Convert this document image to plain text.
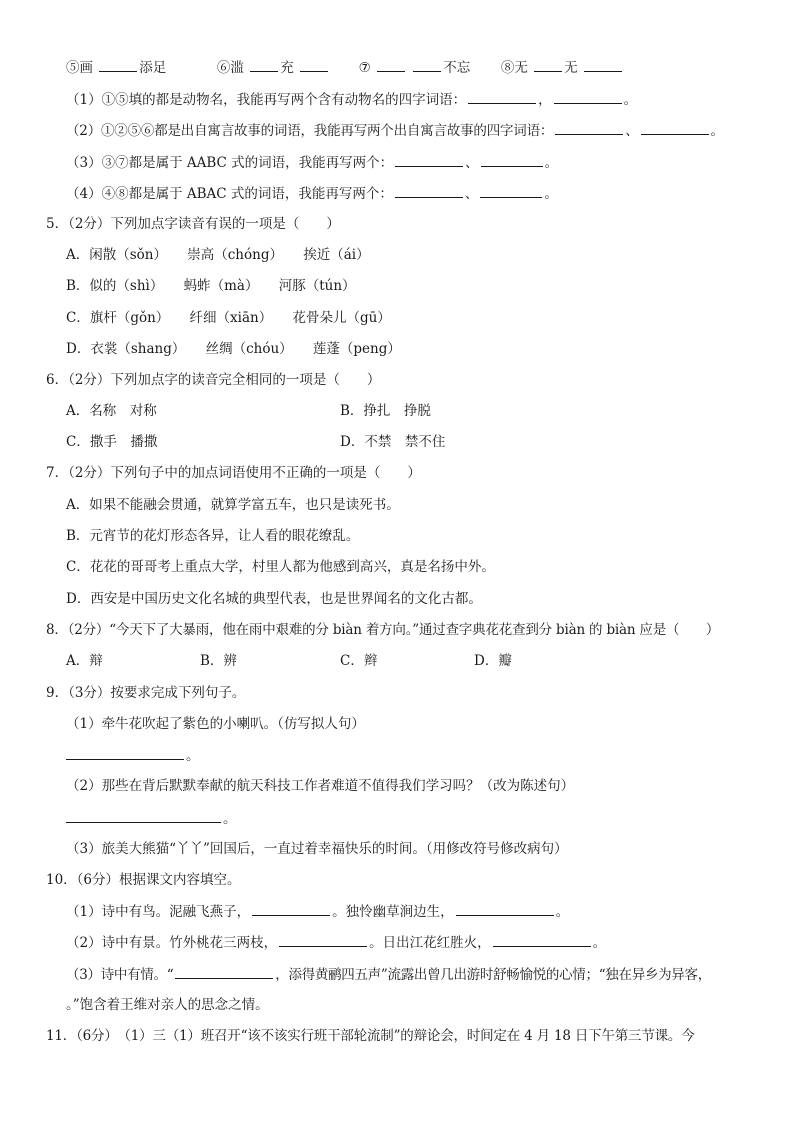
⑤画	添足	⑥滥	充	⑦	不忘 ⑧无	无
（1）①⑤填的都是动物名，我能再写两个含有动物名的四字词语：	，	。
（2）①②⑤⑥都是出自寓言故事的词语，我能再写两个出自寓言故事的四字词语：	、	。
（3）③⑦都是属于 AABC 式的词语，我能再写两个：	、	。
（4）④⑧都是属于 ABAC 式的词语，我能再写两个：	、	。
5．（2分）下列加点字读音有误的一项是（　　）
A．闲散（sǒn）　　崇高（chóng）　　挨近（ái）
B．似的（shì）　　蚂蚱（mà）　　河豚（tún）
C．旗杆（gǒn）　　纤细（xiān）　　花骨朵儿（gū）
D．衣裳（shang）　　丝绸（chóu）　　莲蓬（peng）
6．（2分）下列加点字的读音完全相同的一项是（　　）
A．名称　对称	B．挣扎　挣脱
C．撒手　播撒	D．不禁　禁不住
7．（2分）下列句子中的加点词语使用不正确的一项是（　　）
A．如果不能融会贯通，就算学富五车，也只是读死书。
B．元宵节的花灯形态各异，让人看的眼花缭乱。
C．花花的哥哥考上重点大学，村里人都为他感到高兴，真是名扬中外。
D．西安是中国历史文化名城的典型代表，也是世界闻名的文化古都。
8．（2分）“今天下了大暴雨，他在雨中艰难的分 biàn 着方向。”通过查字典花花查到分 biàn 的 biàn 应是（　　）
A．辩	B．辨	C．辫	D．瓣
9．（3分）按要求完成下列句子。
（1）牵牛花吹起了紫色的小喇叭。（仿写拟人句）
。
（2）那些在背后默默奉献的航天科技工作者难道不值得我们学习吗？（改为陈述句）
。
（3）旅美大熊猫“丫丫”回国后，一直过着幸福快乐的时间。（用修改符号修改病句）
10．（6分）根据课文内容填空。
（1）诗中有鸟。泥融飞燕子，	。独怜幽草涧边生，	。
（2）诗中有景。竹外桃花三两枝，	。日出江花红胜火，	。
（3）诗中有情。“	，添得黄鹂四五声”流露出曾几出游时舒畅愉悦的心情；“独在异乡为异客，
。”饱含着王维对亲人的思念之情。
11．（6分）　（1）三（1）班召开“该不该实行班干部轮流制”的辩论会，时间定在 4 月 18 日下午第三节课。今
